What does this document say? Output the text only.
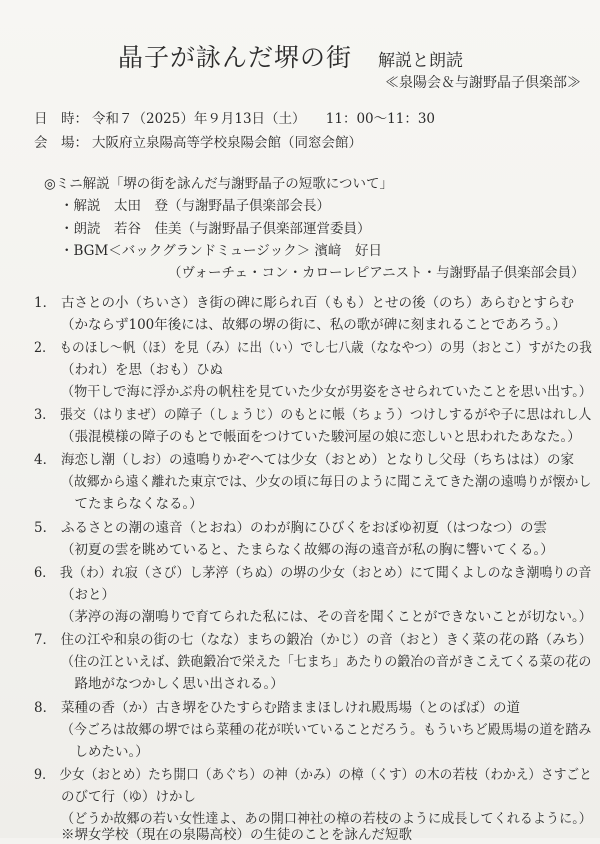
晶子が詠んだ堺の街 解説と朗読
≪泉陽会＆与謝野晶子倶楽部≫
日　時： 令和７（2025）年９月13日（土）　　11：00～11：30
会　場： 大阪府立泉陽高等学校泉陽会館（同窓会館）
◎ミニ解説「堺の街を詠んだ与謝野晶子の短歌について」
・解説　太田　登（与謝野晶子倶楽部会長）
・朗読　若谷　佳美（与謝野晶子倶楽部運営委員）
・BGM＜バックグランドミュージック＞ 濱﨑　好日
（ヴォーチェ・コン・カローレピアニスト・与謝野晶子倶楽部会員）
1． 古さとの小（ちいさ）き街の碑に彫られ百（もも）とせの後（のち）あらむとすらむ
（かならず100年後には、故郷の堺の街に、私の歌が碑に刻まれることであろう。）
2． ものほし〜帆（ほ）を見（み）に出（い）でし七八歳（ななやつ）の男（おとこ）すがたの我
（われ）を思（おも）ひぬ
（物干しで海に浮かぶ舟の帆柱を見ていた少女が男姿をさせられていたことを思い出す。）
3． 張交（はりまぜ）の障子（しょうじ）のもとに帳（ちょう）つけしするがや子に思はれし人
（張混模様の障子のもとで帳面をつけていた駿河屋の娘に恋しいと思われたあなた。）
4． 海恋し潮（しお）の遠鳴りかぞへては少女（おとめ）となりし父母（ちちはは）の家
（故郷から遠く離れた東京では、少女の頃に毎日のように聞こえてきた潮の遠鳴りが懐かし
　てたまらなくなる。）
5． ふるさとの潮の遠音（とおね）のわが胸にひびくをおぼゆ初夏（はつなつ）の雲
（初夏の雲を眺めていると、たまらなく故郷の海の遠音が私の胸に響いてくる。）
6． 我（わ）れ寂（さび）し茅渟（ちぬ）の堺の少女（おとめ）にて聞くよしのなき潮鳴りの音
（おと）
（茅渟の海の潮鳴りで育てられた私には、その音を聞くことができないことが切ない。）
7． 住の江や和泉の街の七（なな）まちの鍛冶（かじ）の音（おと）きく菜の花の路（みち）
（住の江といえば、鉄砲鍛冶で栄えた「七まち」あたりの鍛冶の音がきこえてくる菜の花の
　路地がなつかしく思い出される。）
8． 菜種の香（か）古き堺をひたすらむ踏ままほしけれ殿馬場（とのばば）の道
（今ごろは故郷の堺ではら菜種の花が咲いていることだろう。もういちど殿馬場の道を踏み
　しめたい。）
9． 少女（おとめ）たち開口（あぐち）の神（かみ）の樟（くす）の木の若枝（わかえ）さすごと
のびて行（ゆ）けかし
（どうか故郷の若い女性達よ、あの開口神社の樟の若枝のように成長してくれるように。）
※堺女学校（現在の泉陽高校）の生徒のことを詠んだ短歌
